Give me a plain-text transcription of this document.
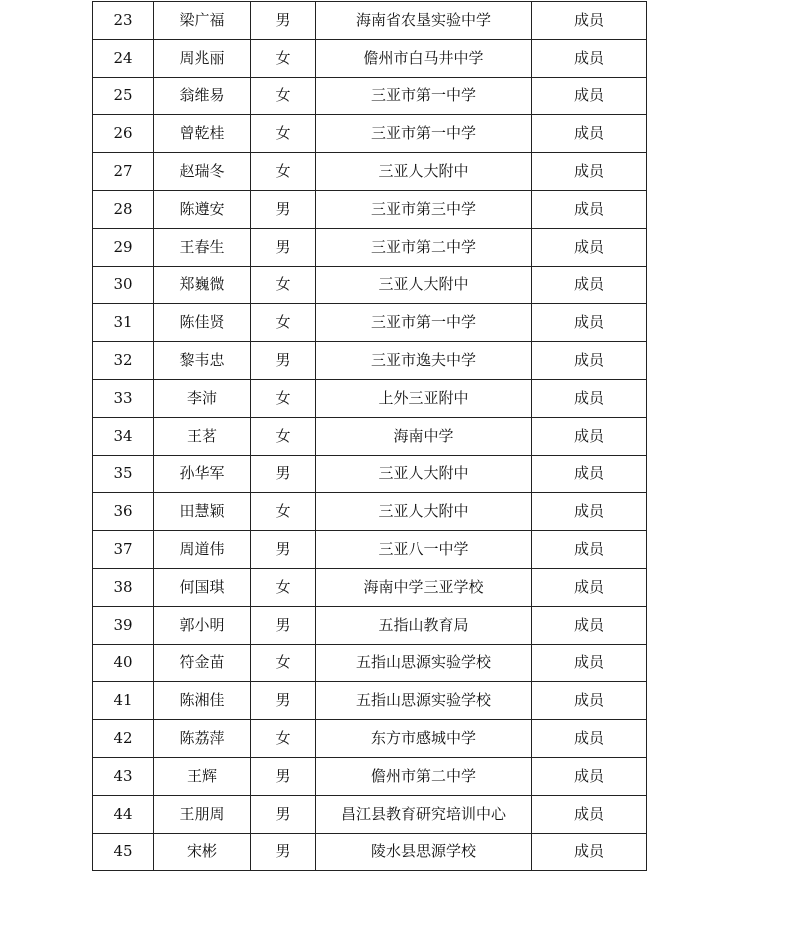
23	梁广福	男	海南省农垦实验中学	成员
24	周兆丽	女	儋州市白马井中学	成员
25	翁维易	女	三亚市第一中学	成员
26	曾乾桂	女	三亚市第一中学	成员
27	赵瑞冬	女	三亚人大附中	成员
28	陈遵安	男	三亚市第三中学	成员
29	王春生	男	三亚市第二中学	成员
30	郑巍微	女	三亚人大附中	成员
31	陈佳贤	女	三亚市第一中学	成员
32	黎韦忠	男	三亚市逸夫中学	成员
33	李沛	女	上外三亚附中	成员
34	王茗	女	海南中学	成员
35	孙华军	男	三亚人大附中	成员
36	田慧颖	女	三亚人大附中	成员
37	周道伟	男	三亚八一中学	成员
38	何国琪	女	海南中学三亚学校	成员
39	郭小明	男	五指山教育局	成员
40	符金苗	女	五指山思源实验学校	成员
41	陈湘佳	男	五指山思源实验学校	成员
42	陈荔萍	女	东方市感城中学	成员
43	王辉	男	儋州市第二中学	成员
44	王朋周	男	昌江县教育研究培训中心	成员
45	宋彬	男	陵水县思源学校	成员
